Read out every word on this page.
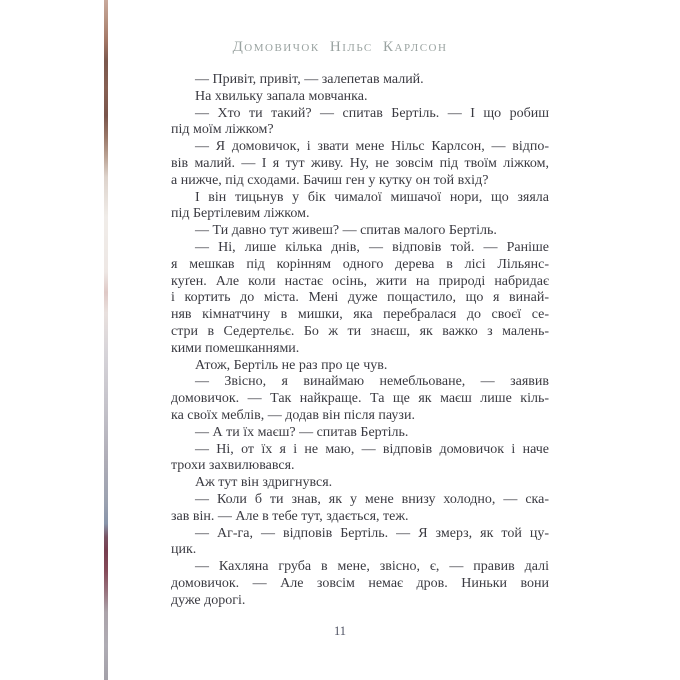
Домовичок Нільс Карлсон
— Привіт, привіт, — залепетав малий.
На хвильку запала мовчанка.
— Хто ти такий? — спитав Бертіль. — І що робиш
під моїм ліжком?
— Я домовичок, і звати мене Нільс Карлсон, — відпо-
вів малий. — І я тут живу. Ну, не зовсім під твоїм ліжком,
а нижче, під сходами. Бачиш ген у кутку он той вхід?
І він тицьнув у бік чималої мишачої нори, що зяяла
під Бертілевим ліжком.
— Ти давно тут живеш? — спитав малого Бертіль.
— Ні, лише кілька днів, — відповів той. — Раніше
я мешкав під корінням одного дерева в лісі Лільянс-
куґен. Але коли настає осінь, жити на природі набридає
і кортить до міста. Мені дуже пощастило, що я винай-
няв кімнатчину в мишки, яка перебралася до своєї се-
стри в Седертельє. Бо ж ти знаєш, як важко з малень-
кими помешканнями.
Атож, Бертіль не раз про це чув.
— Звісно, я винаймаю немебльоване, — заявив
домовичок. — Так найкраще. Та ще як маєш лише кіль-
ка своїх меблів, — додав він після паузи.
— А ти їх маєш? — спитав Бертіль.
— Ні, от їх я і не маю, — відповів домовичок і наче
трохи захвилювався.
Аж тут він здригнувся.
— Коли б ти знав, як у мене внизу холодно, — ска-
зав він. — Але в тебе тут, здається, теж.
— Аг-га, — відповів Бертіль. — Я змерз, як той цу-
цик.
— Кахляна груба в мене, звісно, є, — правив далі
домовичок. — Але зовсім немає дров. Ниньки вони
дуже дорогі.
11
